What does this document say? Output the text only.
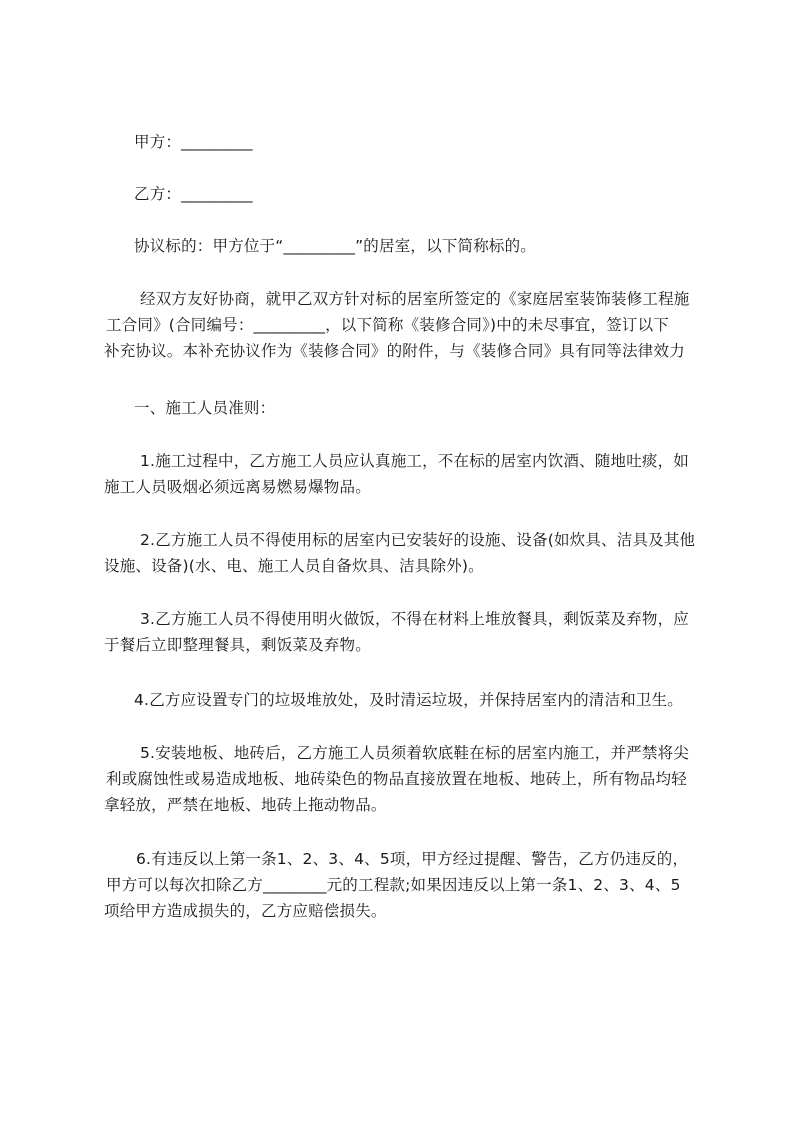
甲方：_________
乙方：_________
协议标的：甲方位于“_________”的居室，以下简称标的。
经双方友好协商，就甲乙双方针对标的居室所签定的《家庭居室装饰装修工程施
工合同》(合同编号：_________，以下简称《装修合同》)中的未尽事宜，签订以下
补充协议。本补充协议作为《装修合同》的附件，与《装修合同》具有同等法律效力
一、施工人员准则：
1.施工过程中，乙方施工人员应认真施工，不在标的居室内饮酒、随地吐痰，如
施工人员吸烟必须远离易燃易爆物品。
2.乙方施工人员不得使用标的居室内已安装好的设施、设备(如炊具、洁具及其他
设施、设备)(水、电、施工人员自备炊具、洁具除外)。
3.乙方施工人员不得使用明火做饭，不得在材料上堆放餐具，剩饭菜及弃物，应
于餐后立即整理餐具，剩饭菜及弃物。
4.乙方应设置专门的垃圾堆放处，及时清运垃圾，并保持居室内的清洁和卫生。
5.安装地板、地砖后，乙方施工人员须着软底鞋在标的居室内施工，并严禁将尖
利或腐蚀性或易造成地板、地砖染色的物品直接放置在地板、地砖上，所有物品均轻
拿轻放，严禁在地板、地砖上拖动物品。
6.有违反以上第一条1、2、3、4、5项，甲方经过提醒、警告，乙方仍违反的，
甲方可以每次扣除乙方________元的工程款;如果因违反以上第一条1、2、3、4、5
项给甲方造成损失的，乙方应赔偿损失。
